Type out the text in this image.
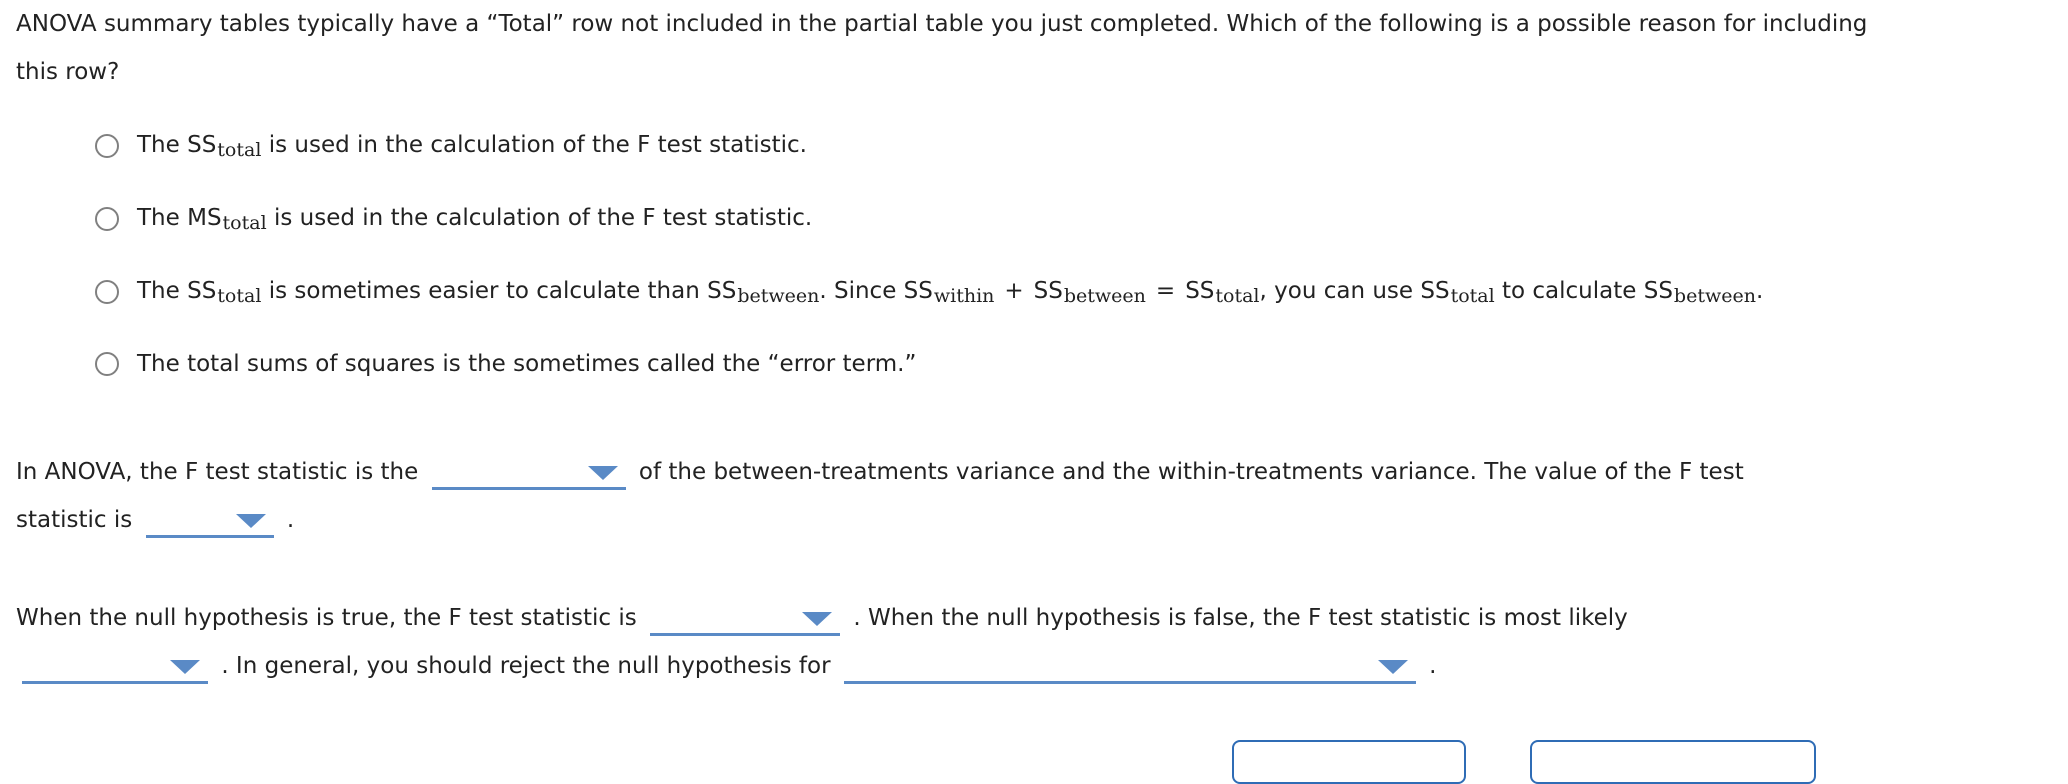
ANOVA summary tables typically have a “Total” row not included in the partial table you just completed. Which of the following is a possible reason for including this row?
The $SS_{total}$ is used in the calculation of the F test statistic.
The $MS_{total}$ is used in the calculation of the F test statistic.
The $SS_{total}$ is sometimes easier to calculate than $SS_{between}$. Since $SS_{within} + SS_{between} = SS_{total}$, you can use $SS_{total}$ to calculate $SS_{between}$.
The total sums of squares is the sometimes called the “error term.”
In ANOVA, the F test statistic is the	of the between-treatments variance and the within-treatments variance. The value of the F test
statistic is	.
When the null hypothesis is true, the F test statistic is	. When the null hypothesis is false, the F test statistic is most likely

. In general, you should reject the null hypothesis for	.
